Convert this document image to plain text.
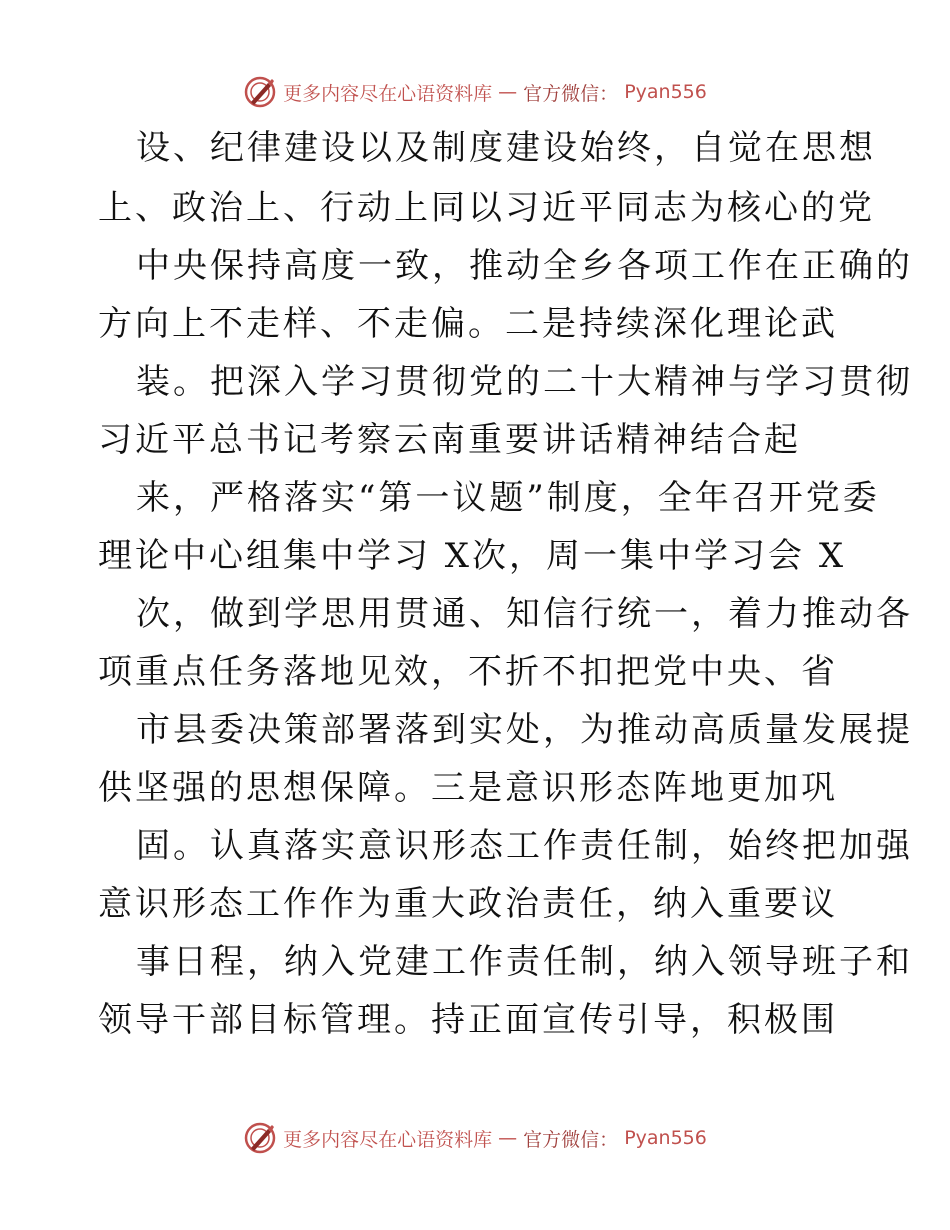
更多内容尽在心语资料库 — 官方微信： Pyan556
设、纪律建设以及制度建设始终，自觉在思想
上、政治上、行动上同以习近平同志为核心的党
中央保持高度一致，推动全乡各项工作在正确的
方向上不走样、不走偏。二是持续深化理论武
装。把深入学习贯彻党的二十大精神与学习贯彻
习近平总书记考察云南重要讲话精神结合起
来，严格落实“第一议题”制度，全年召开党委
理论中心组集中学习 X次，周一集中学习会 X
次，做到学思用贯通、知信行统一，着力推动各
项重点任务落地见效，不折不扣把党中央、省
市县委决策部署落到实处，为推动高质量发展提
供坚强的思想保障。三是意识形态阵地更加巩
固。认真落实意识形态工作责任制，始终把加强
意识形态工作作为重大政治责任，纳入重要议
事日程，纳入党建工作责任制，纳入领导班子和
领导干部目标管理。持正面宣传引导，积极围
更多内容尽在心语资料库 — 官方微信： Pyan556
